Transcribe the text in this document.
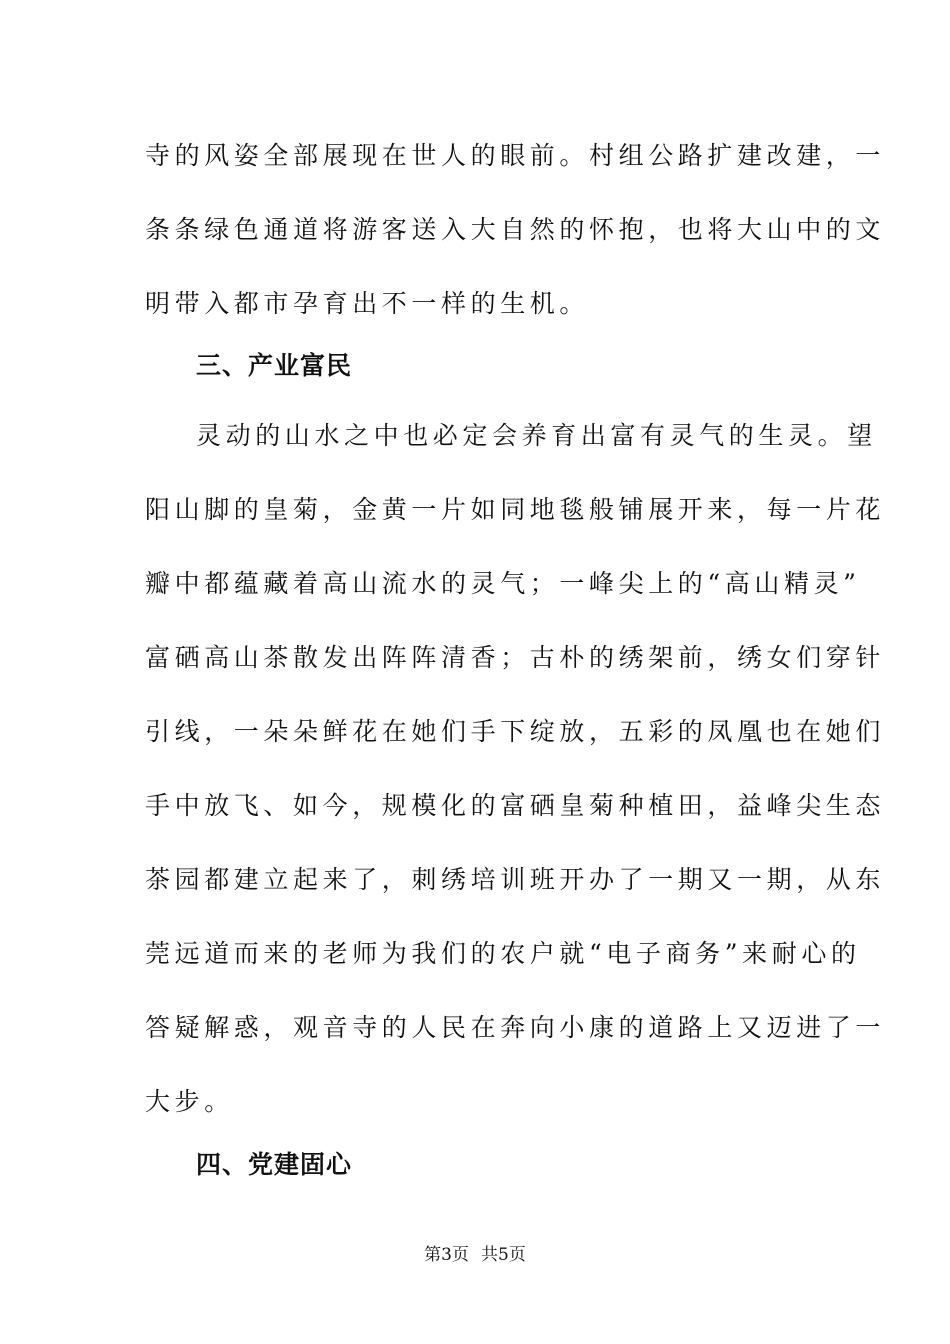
寺的风姿全部展现在世人的眼前。村组公路扩建改建，一
条条绿色通道将游客送入大自然的怀抱，也将大山中的文
明带入都市孕育出不一样的生机。
三、产业富民
灵动的山水之中也必定会养育出富有灵气的生灵。望
阳山脚的皇菊，金黄一片如同地毯般铺展开来，每一片花
瓣中都蕴藏着高山流水的灵气；一峰尖上的“高山精灵”
富硒高山茶散发出阵阵清香；古朴的绣架前，绣女们穿针
引线，一朵朵鲜花在她们手下绽放，五彩的凤凰也在她们
手中放飞、如今，规模化的富硒皇菊种植田，益峰尖生态
茶园都建立起来了，刺绣培训班开办了一期又一期，从东
莞远道而来的老师为我们的农户就“电子商务”来耐心的
答疑解惑，观音寺的人民在奔向小康的道路上又迈进了一
大步。
四、党建固心
第3页 共5页
